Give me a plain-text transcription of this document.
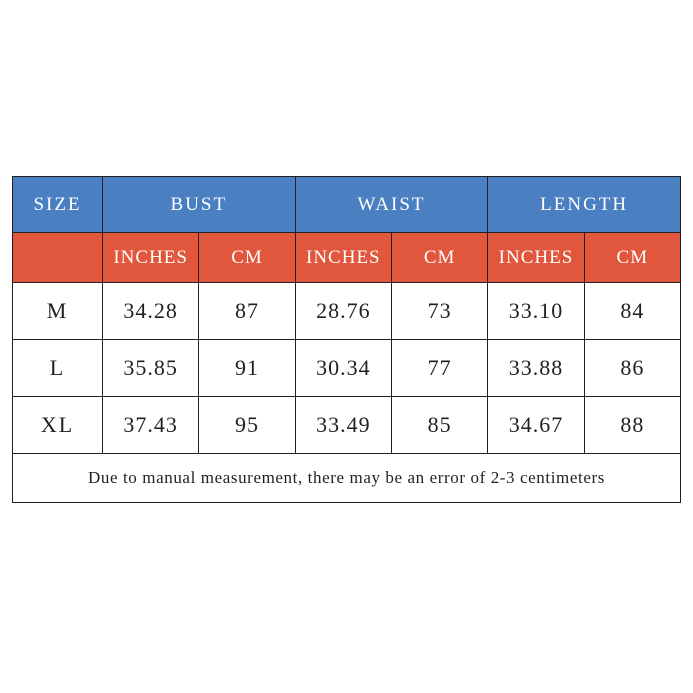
SIZE	BUST		WAIST		LENGTH	
	INCHES	CM	INCHES	CM	INCHES	CM
M	34.28	87	28.76	73	33.10	84
L	35.85	91	30.34	77	33.88	86
XL	37.43	95	33.49	85	34.67	88
Due to manual measurement, there may be an error of 2-3 centimeters						
